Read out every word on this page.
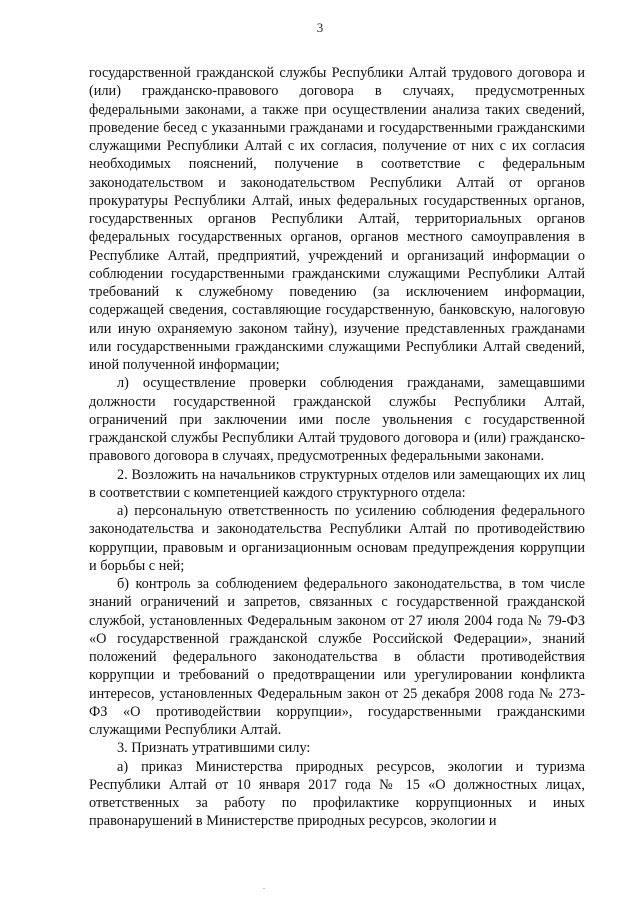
3

государственной гражданской службы Республики Алтай трудового договора и (или) гражданско-правового договора в случаях, предусмотренных федеральными законами, а также при осуществлении анализа таких сведений, проведение бесед с указанными гражданами и государственными гражданскими служащими Республики Алтай с их согласия, получение от них с их согласия необходимых пояснений, получение в соответствие с федеральным законодательством и законодательством Республики Алтай от органов прокуратуры Республики Алтай, иных федеральных государственных органов, государственных органов Республики Алтай, территориальных органов федеральных государственных органов, органов местного самоуправления в Республике Алтай, предприятий, учреждений и организаций информации о соблюдении государственными гражданскими служащими Республики Алтай требований к служебному поведению (за исключением информации, содержащей сведения, составляющие государственную, банковскую, налоговую или иную охраняемую законом тайну), изучение представленных гражданами или государственными гражданскими служащими Республики Алтай сведений, иной полученной информации;

л) осуществление проверки соблюдения гражданами, замещавшими должности государственной гражданской службы Республики Алтай, ограничений при заключении ими после увольнения с государственной гражданской службы Республики Алтай трудового договора и (или) гражданско-правового договора в случаях, предусмотренных федеральными законами.

2. Возложить на начальников структурных отделов или замещающих их лиц в соответствии с компетенцией каждого структурного отдела:

а) персональную ответственность по усилению соблюдения федерального законодательства и законодательства Республики Алтай по противодействию коррупции, правовым и организационным основам предупреждения коррупции и борьбы с ней;

б) контроль за соблюдением федерального законодательства, в том числе знаний ограничений и запретов, связанных с государственной гражданской службой, установленных Федеральным законом от 27 июля 2004 года № 79-ФЗ «О государственной гражданской службе Российской Федерации», знаний положений федерального законодательства в области противодействия коррупции и требований о предотвращении или урегулировании конфликта интересов, установленных Федеральным закон от 25 декабря 2008 года № 273-ФЗ «О противодействии коррупции», государственными гражданскими служащими Республики Алтай.

3. Признать утратившими силу:

а) приказ Министерства природных ресурсов, экологии и туризма Республики Алтай от 10 января 2017 года № 15 «О должностных лицах, ответственных за работу по профилактике коррупционных и иных правонарушений в Министерстве природных ресурсов, экологии и
